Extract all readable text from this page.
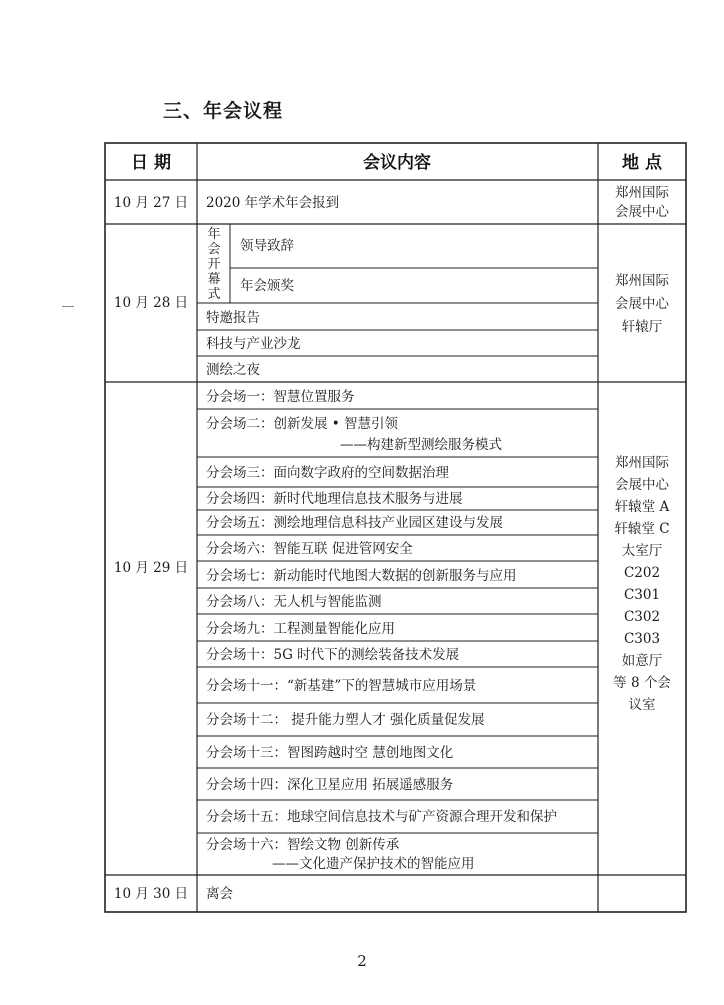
三、年会议程
日 期	会议内容	地 点
10 月 27 日 2020 年学术年会报到
郑州国际
会展中心
10 月 28 日
年
会
开
幕
式
领导致辞
年会颁奖
特邀报告
科技与产业沙龙
测绘之夜
郑州国际
会展中心
轩辕厅
10 月 29 日
分会场一：智慧位置服务
分会场二：创新发展 • 智慧引领
——构建新型测绘服务模式
分会场三：面向数字政府的空间数据治理
分会场四：新时代地理信息技术服务与进展
分会场五：测绘地理信息科技产业园区建设与发展
分会场六：智能互联 促进管网安全
分会场七：新动能时代地图大数据的创新服务与应用
分会场八：无人机与智能监测
分会场九：工程测量智能化应用
分会场十：5G 时代下的测绘装备技术发展
分会场十一：“新基建”下的智慧城市应用场景
分会场十二： 提升能力塑人才 强化质量促发展
分会场十三：智图跨越时空 慧创地图文化
分会场十四：深化卫星应用 拓展遥感服务
分会场十五：地球空间信息技术与矿产资源合理开发和保护
分会场十六：智绘文物 创新传承
——文化遗产保护技术的智能应用
郑州国际
会展中心
轩辕堂 A
轩辕堂 C
太室厅
C202
C301
C302
C303
如意厅
等 8 个会
议室
10 月 30 日 离会
2
